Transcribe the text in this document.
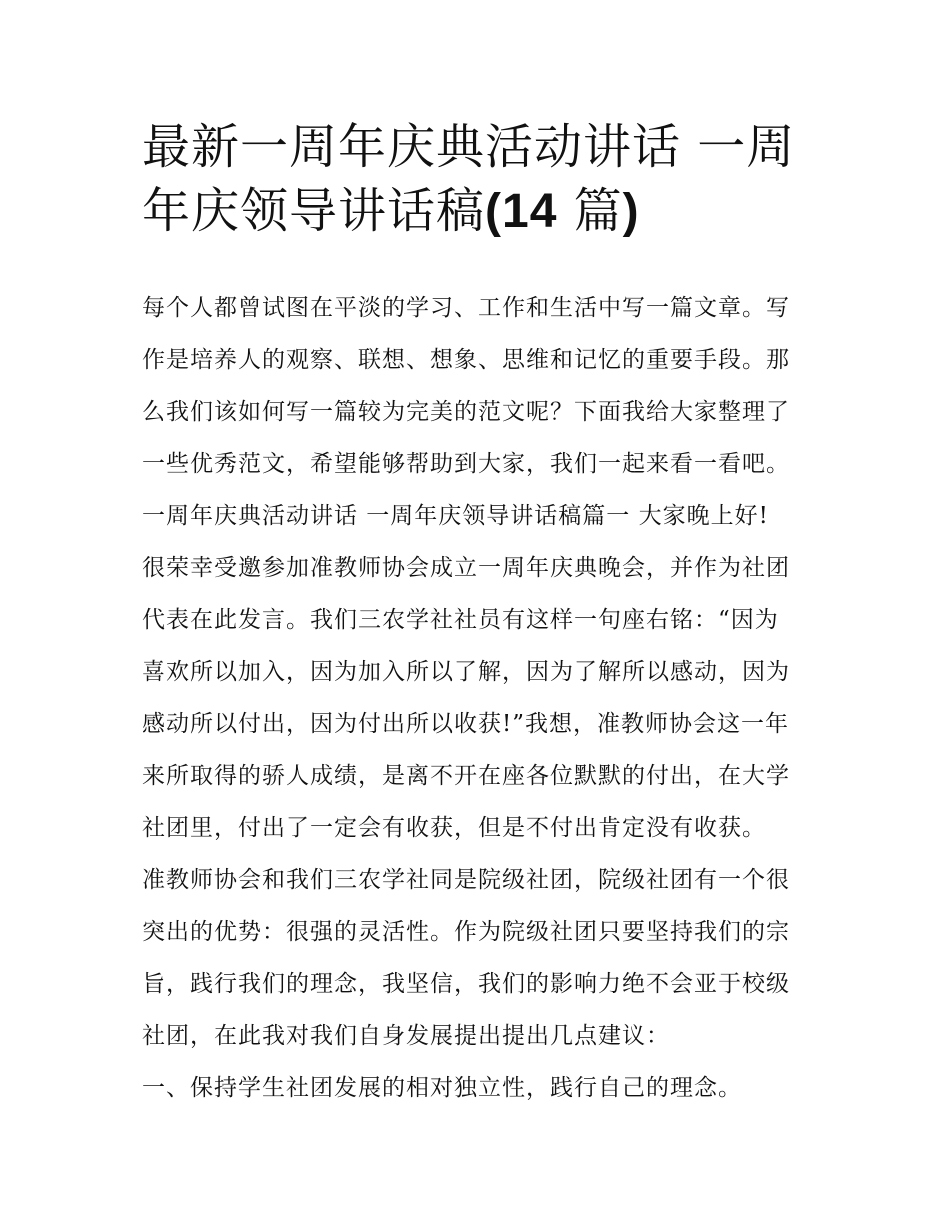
最新一周年庆典活动讲话 一周
年庆领导讲话稿(14 篇)

每个人都曾试图在平淡的学习、工作和生活中写一篇文章。写

作是培养人的观察、联想、想象、思维和记忆的重要手段。那

么我们该如何写一篇较为完美的范文呢？下面我给大家整理了

一些优秀范文，希望能够帮助到大家，我们一起来看一看吧。

一周年庆典活动讲话 一周年庆领导讲话稿篇一 大家晚上好!

很荣幸受邀参加准教师协会成立一周年庆典晚会，并作为社团

代表在此发言。我们三农学社社员有这样一句座右铭：“因为

喜欢所以加入，因为加入所以了解，因为了解所以感动，因为

感动所以付出，因为付出所以收获!”我想，准教师协会这一年

来所取得的骄人成绩，是离不开在座各位默默的付出，在大学

社团里，付出了一定会有收获，但是不付出肯定没有收获。

准教师协会和我们三农学社同是院级社团，院级社团有一个很

突出的优势：很强的灵活性。作为院级社团只要坚持我们的宗

旨，践行我们的理念，我坚信，我们的影响力绝不会亚于校级

社团，在此我对我们自身发展提出提出几点建议：

一、保持学生社团发展的相对独立性，践行自己的理念。
